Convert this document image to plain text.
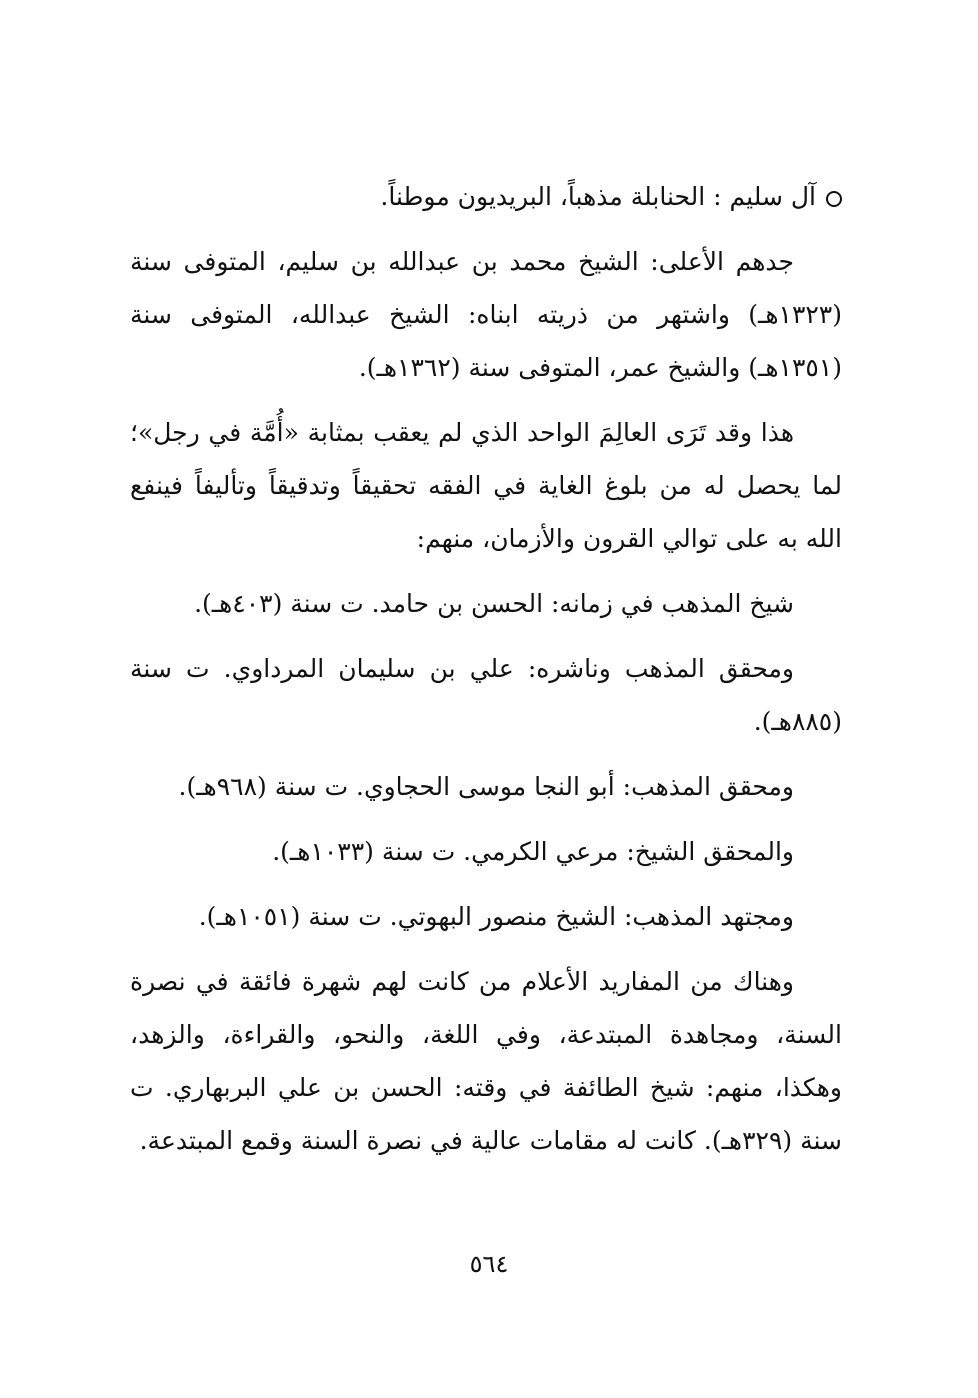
آل سليم : الحنابلة مذهباً، البريديون موطناً.

جدهم الأعلى: الشيخ محمد بن عبدالله بن سليم، المتوفى سنة (١٣٢٣هـ) واشتهر من ذريته ابناه: الشيخ عبدالله، المتوفى سنة (١٣٥١هـ) والشيخ عمر، المتوفى سنة (١٣٦٢هـ).

هذا وقد تَرَى العالِمَ الواحد الذي لم يعقب بمثابة «أُمَّة في رجل»؛ لما يحصل له من بلوغ الغاية في الفقه تحقيقاً وتدقيقاً وتأليفاً فينفع الله به على توالي القرون والأزمان، منهم:

شيخ المذهب في زمانه: الحسن بن حامد. ت سنة (٤٠٣هـ).

ومحقق المذهب وناشره: علي بن سليمان المرداوي. ت سنة (٨٨٥هـ).

ومحقق المذهب: أبو النجا موسى الحجاوي. ت سنة (٩٦٨هـ).

والمحقق الشيخ: مرعي الكرمي. ت سنة (١٠٣٣هـ).

ومجتهد المذهب: الشيخ منصور البهوتي. ت سنة (١٠٥١هـ).

وهناك من المفاريد الأعلام من كانت لهم شهرة فائقة في نصرة السنة، ومجاهدة المبتدعة، وفي اللغة، والنحو، والقراءة، والزهد، وهكذا، منهم: شيخ الطائفة في وقته: الحسن بن علي البربهاري. ت سنة (٣٢٩هـ). كانت له مقامات عالية في نصرة السنة وقمع المبتدعة.

٥٦٤
